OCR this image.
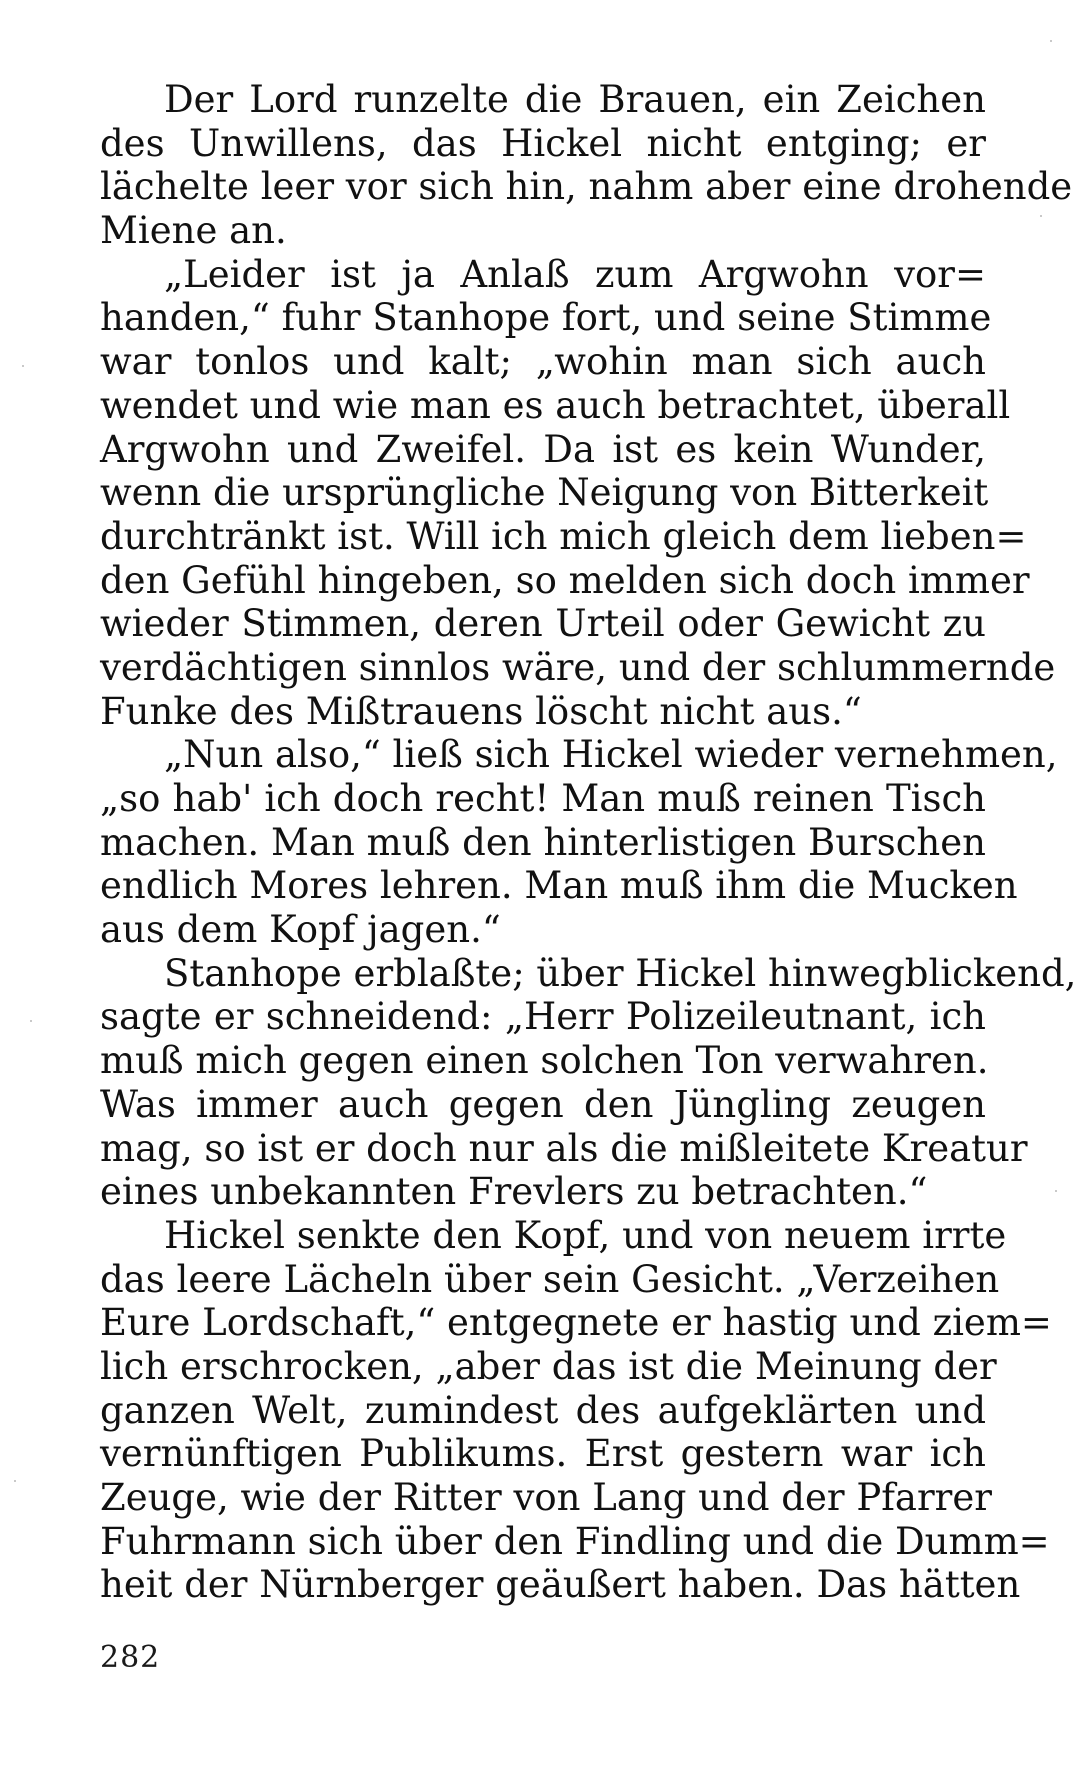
Der Lord runzelte die Brauen, ein Zeichen
des Unwillens, das Hickel nicht entging; er
lächelte leer vor sich hin, nahm aber eine drohende
Miene an.
„Leider ist ja Anlaß zum Argwohn vor=
handen,“ fuhr Stanhope fort, und seine Stimme
war tonlos und kalt; „wohin man sich auch
wendet und wie man es auch betrachtet, überall
Argwohn und Zweifel. Da ist es kein Wunder,
wenn die ursprüngliche Neigung von Bitterkeit
durchtränkt ist. Will ich mich gleich dem lieben=
den Gefühl hingeben, so melden sich doch immer
wieder Stimmen, deren Urteil oder Gewicht zu
verdächtigen sinnlos wäre, und der schlummernde
Funke des Mißtrauens löscht nicht aus.“
„Nun also,“ ließ sich Hickel wieder vernehmen,
„so hab' ich doch recht! Man muß reinen Tisch
machen. Man muß den hinterlistigen Burschen
endlich Mores lehren. Man muß ihm die Mucken
aus dem Kopf jagen.“
Stanhope erblaßte; über Hickel hinwegblickend,
sagte er schneidend: „Herr Polizeileutnant, ich
muß mich gegen einen solchen Ton verwahren.
Was immer auch gegen den Jüngling zeugen
mag, so ist er doch nur als die mißleitete Kreatur
eines unbekannten Frevlers zu betrachten.“
Hickel senkte den Kopf, und von neuem irrte
das leere Lächeln über sein Gesicht. „Verzeihen
Eure Lordschaft,“ entgegnete er hastig und ziem=
lich erschrocken, „aber das ist die Meinung der
ganzen Welt, zumindest des aufgeklärten und
vernünftigen Publikums. Erst gestern war ich
Zeuge, wie der Ritter von Lang und der Pfarrer
Fuhrmann sich über den Findling und die Dumm=
heit der Nürnberger geäußert haben. Das hätten
282
